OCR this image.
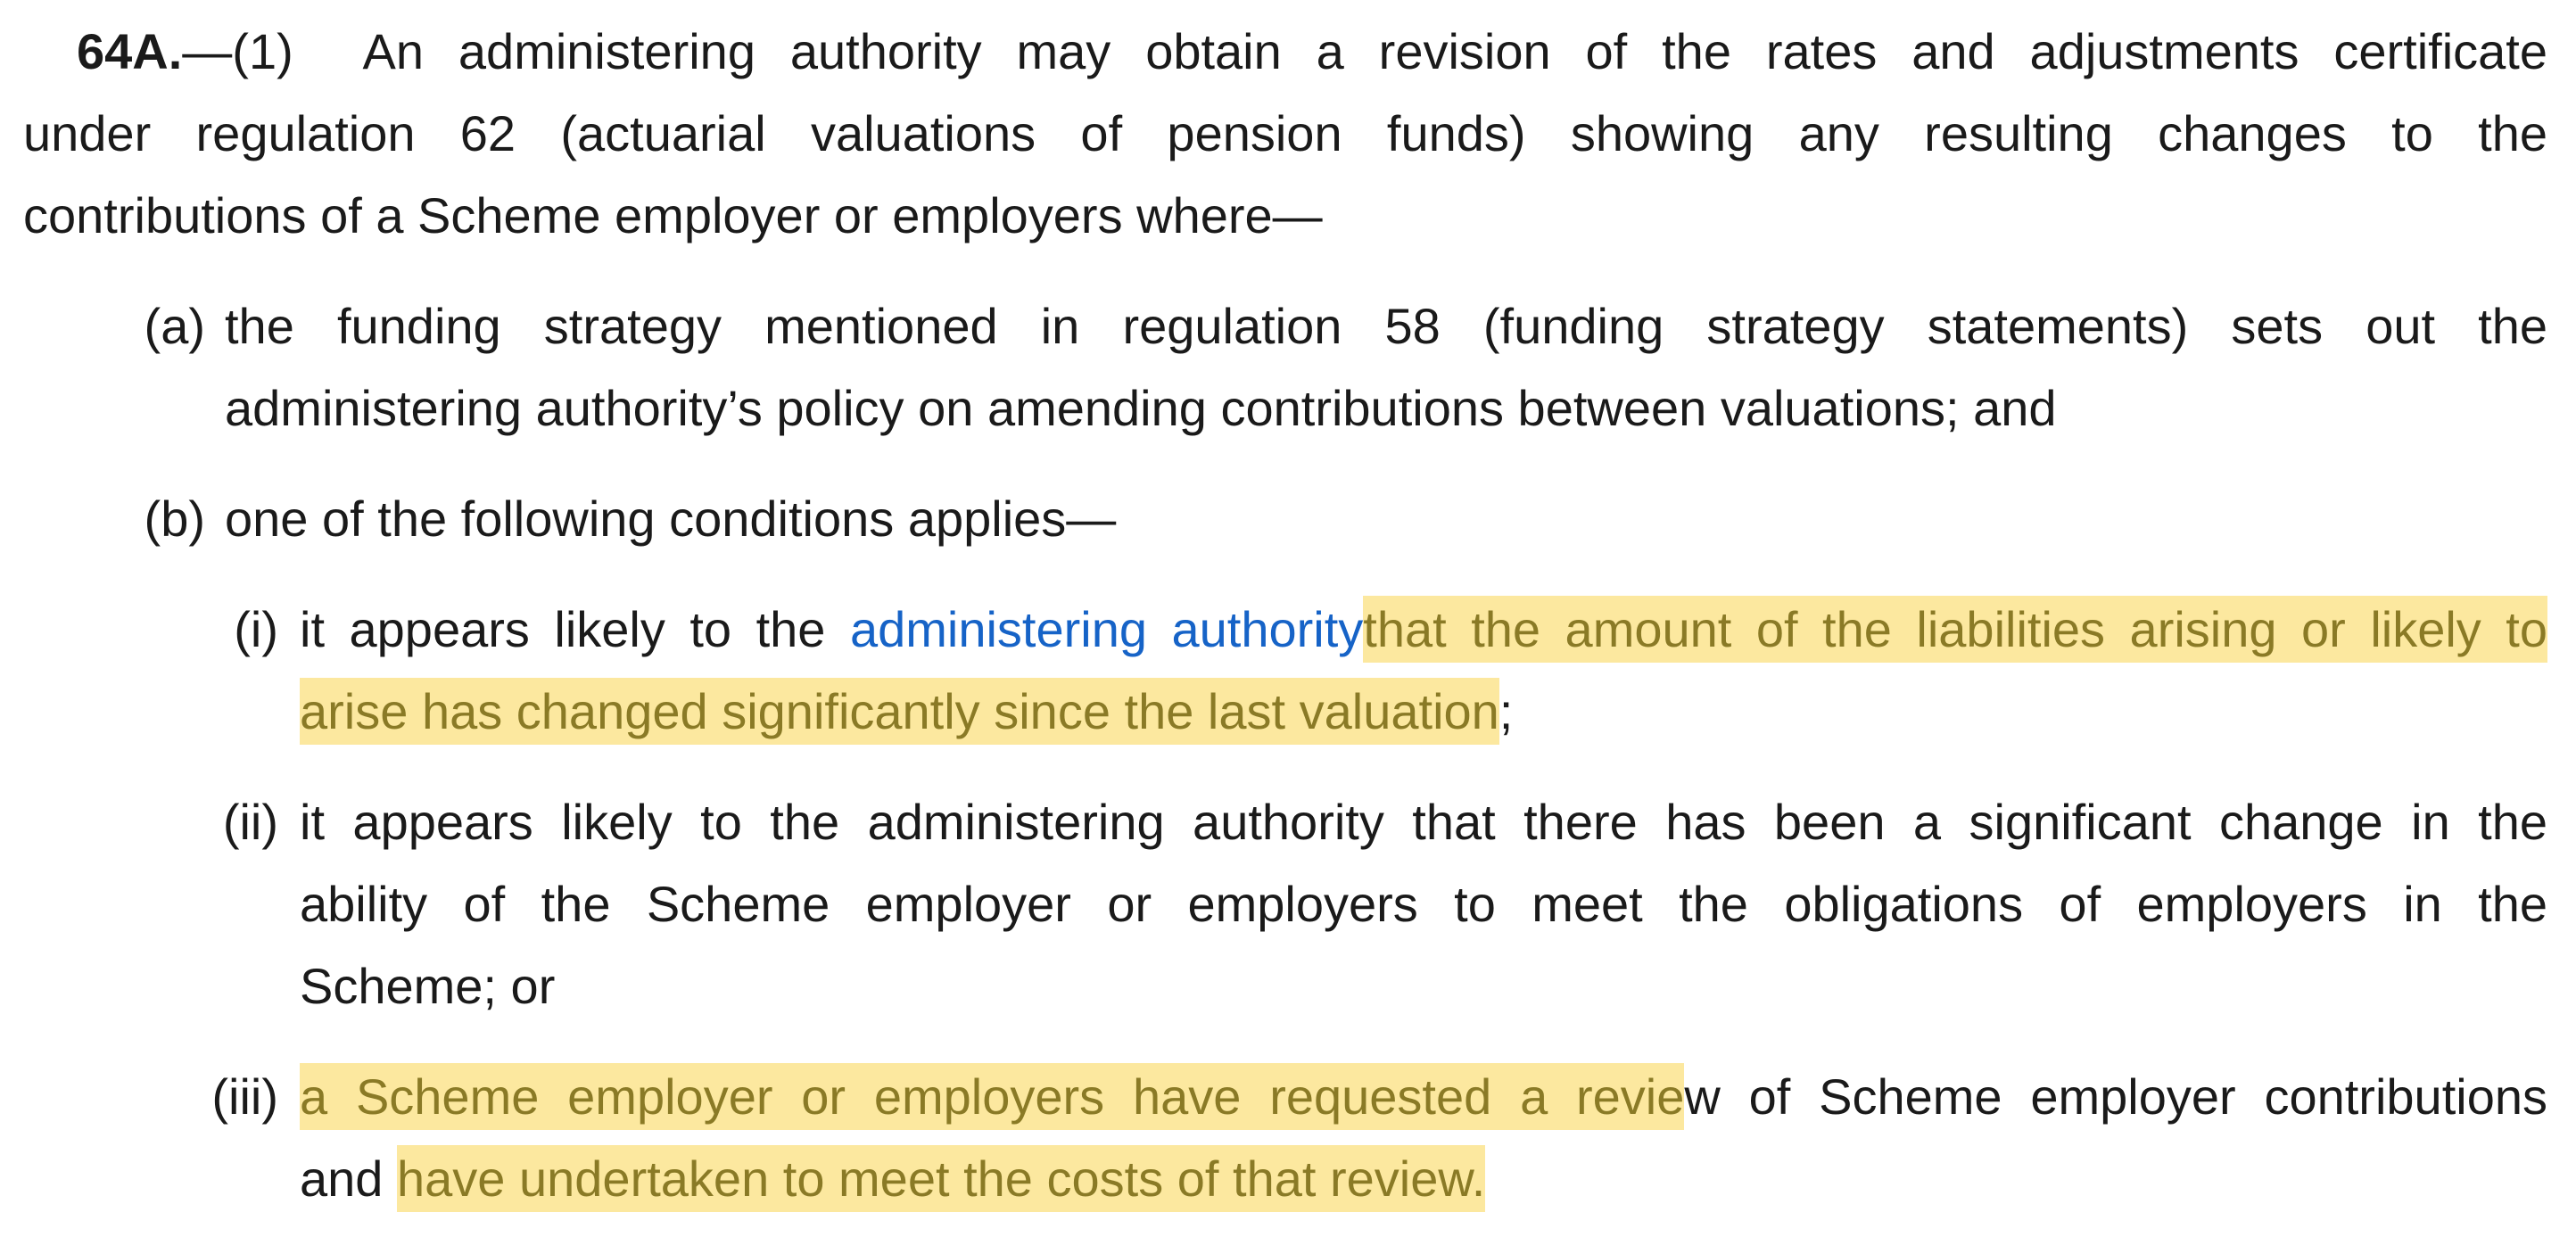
64A.—(1) An administering authority may obtain a revision of the rates and adjustments certificate

under regulation 62 (actuarial valuations of pension funds) showing any resulting changes to the

contributions of a Scheme employer or employers where—

(a) the funding strategy mentioned in regulation 58 (funding strategy statements) sets out the

administering authority’s policy on amending contributions between valuations; and

(b) one of the following conditions applies—

(i) it appears likely to the administering authoritythat the amount of the liabilities arising or likely to

arise has changed significantly since the last valuation;

(ii) it appears likely to the administering authority that there has been a significant change in the

ability of the Scheme employer or employers to meet the obligations of employers in the

Scheme; or

(iii) a Scheme employer or employers have requested a review of Scheme employer contributions

and have undertaken to meet the costs of that review.
